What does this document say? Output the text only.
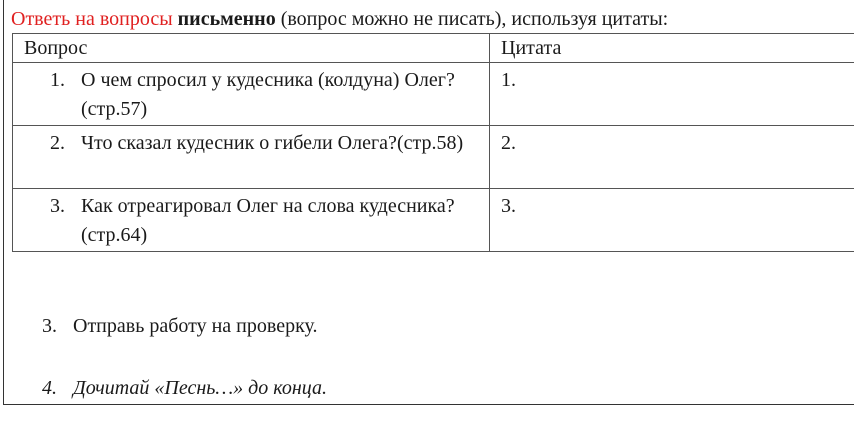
Ответь на вопросы письменно (вопрос можно не писать), используя цитаты:
Вопрос	Цитата

1. О чем спросил у кудесника (колдуна) Олег?(стр.57)	1.

2. Что сказал кудесник о гибели Олега?(стр.58)	2.

3. Как отреагировал Олег на слова кудесника?(стр.64)	3.
3. Отправь работу на проверку.
4. Дочитай «Песнь…» до конца.
